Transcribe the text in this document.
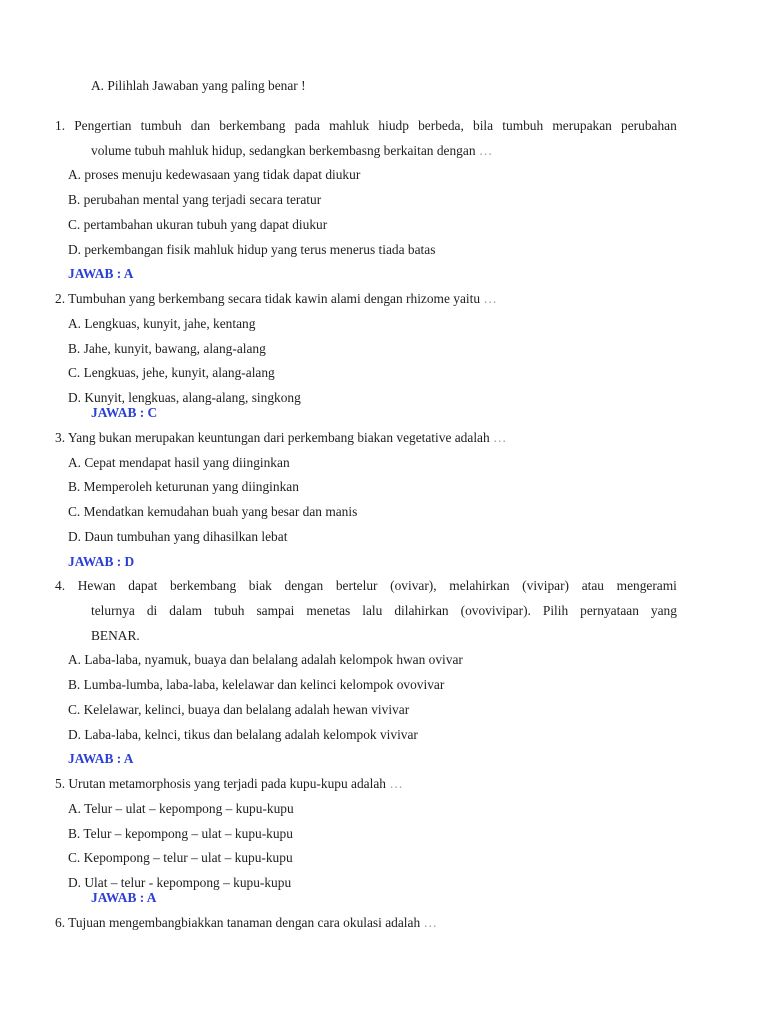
A. Pilihlah Jawaban yang paling benar !
1. Pengertian tumbuh dan berkembang pada mahluk hiudp berbeda, bila tumbuh merupakan perubahan
volume tubuh mahluk hidup, sedangkan berkembasng berkaitan dengan …
A. proses menuju kedewasaan yang tidak dapat diukur
B. perubahan mental yang terjadi secara teratur
C. pertambahan ukuran tubuh yang dapat diukur
D. perkembangan fisik mahluk hidup yang terus menerus tiada batas
JAWAB : A
2. Tumbuhan yang berkembang secara tidak kawin alami dengan rhizome yaitu …
A. Lengkuas, kunyit, jahe, kentang
B. Jahe, kunyit, bawang, alang-alang
C. Lengkuas, jehe, kunyit, alang-alang
D. Kunyit, lengkuas, alang-alang, singkong
JAWAB : C
3. Yang bukan merupakan keuntungan dari perkembang biakan vegetative adalah …
A. Cepat mendapat hasil yang diinginkan
B. Memperoleh keturunan yang diinginkan
C. Mendatkan kemudahan buah yang besar dan manis
D. Daun tumbuhan yang dihasilkan lebat
JAWAB : D
4. Hewan dapat berkembang biak dengan bertelur (ovivar), melahirkan (vivipar) atau mengerami
telurnya di dalam tubuh sampai menetas lalu dilahirkan (ovovivipar). Pilih pernyataan yang
BENAR.
A. Laba-laba, nyamuk, buaya dan belalang adalah kelompok hwan ovivar
B. Lumba-lumba, laba-laba, kelelawar dan kelinci kelompok ovovivar
C. Kelelawar, kelinci, buaya dan belalang adalah hewan vivivar
D. Laba-laba, kelnci, tikus dan belalang adalah kelompok vivivar
JAWAB : A
5. Urutan metamorphosis yang terjadi pada kupu-kupu adalah …
A. Telur – ulat – kepompong – kupu-kupu
B. Telur – kepompong – ulat – kupu-kupu
C. Kepompong – telur – ulat – kupu-kupu
D. Ulat – telur - kepompong – kupu-kupu
JAWAB : A
6. Tujuan mengembangbiakkan tanaman dengan cara okulasi adalah …
